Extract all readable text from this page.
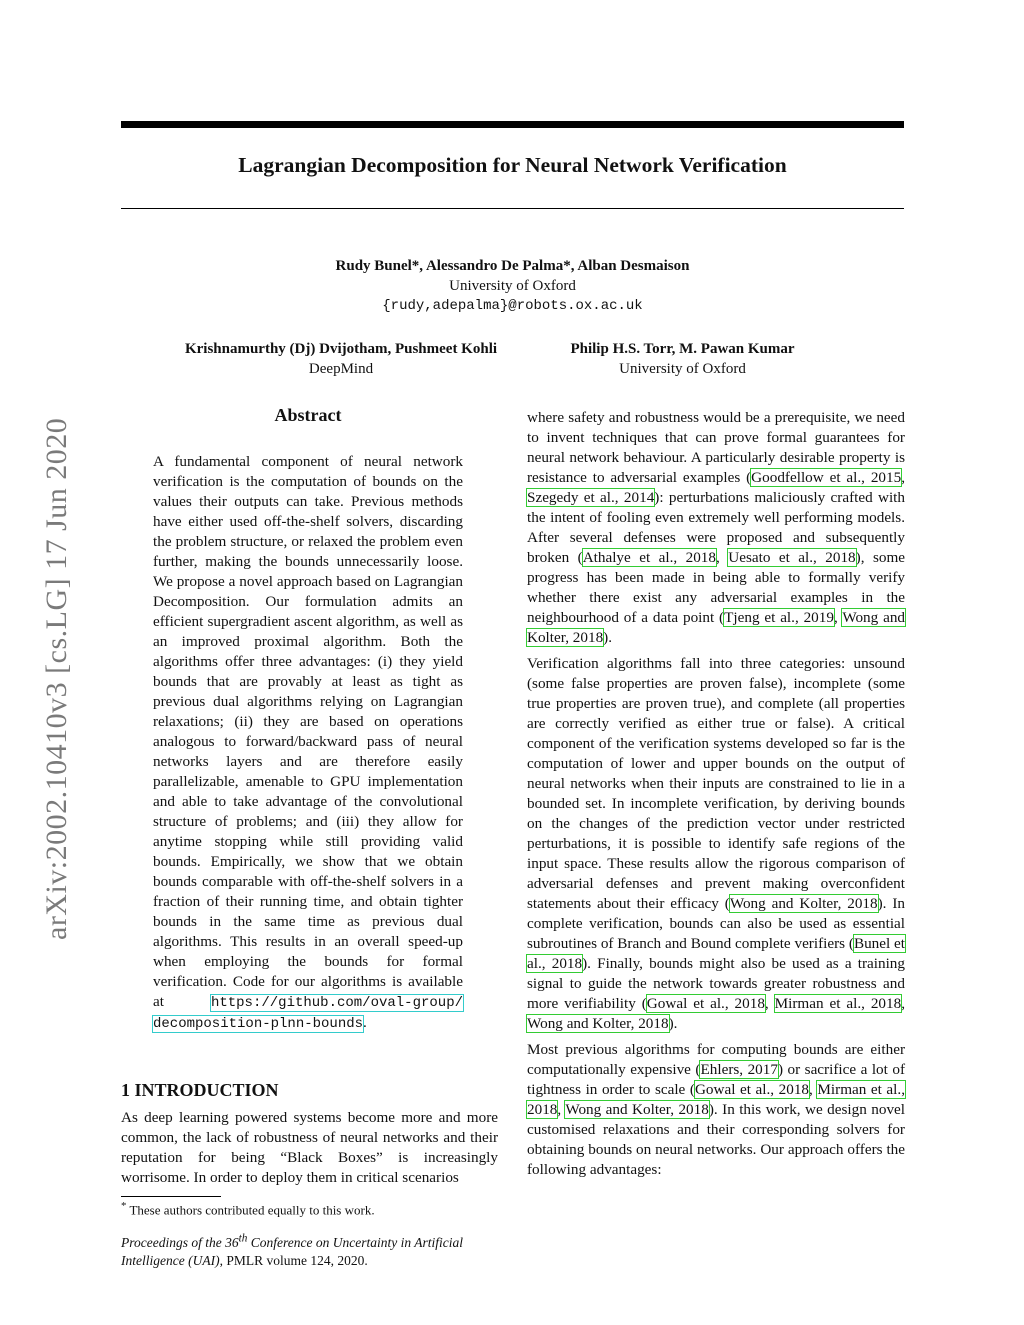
arXiv:2002.10410v3 [cs.LG] 17 Jun 2020
Lagrangian Decomposition for Neural Network Verification
Rudy Bunel*, Alessandro De Palma*, Alban Desmaison
University of Oxford
{rudy,adepalma}@robots.ox.ac.uk
Krishnamurthy (Dj) Dvijotham, Pushmeet Kohli
DeepMind
Philip H.S. Torr, M. Pawan Kumar
University of Oxford
Abstract

A fundamental component of neural network verification is the computation of bounds on the values their outputs can take. Previous methods have either used off-the-shelf solvers, discarding the problem structure, or relaxed the problem even further, making the bounds unnecessarily loose. We propose a novel approach based on Lagrangian Decomposition. Our formulation admits an efficient supergradient ascent algorithm, as well as an improved proximal algorithm. Both the algorithms offer three advantages: (i) they yield bounds that are provably at least as tight as previous dual algorithms relying on Lagrangian relaxations; (ii) they are based on operations analogous to forward/backward pass of neural networks layers and are therefore easily parallelizable, amenable to GPU implementation and able to take advantage of the convolutional structure of problems; and (iii) they allow for anytime stopping while still providing valid bounds. Empirically, we show that we obtain bounds comparable with off-the-shelf solvers in a fraction of their running time, and obtain tighter bounds in the same time as previous dual algorithms. This results in an overall speed-up when employing the bounds for formal verification. Code for our algorithms is available at	https://github.com/oval-group/ decomposition-plnn-bounds.

1 INTRODUCTION

As deep learning powered systems become more and more common, the lack of robustness of neural networks and their reputation for being “Black Boxes” is increasingly worrisome. In order to deploy them in critical scenarios

* These authors contributed equally to this work.
Proceedings of the 36th Conference on Uncertainty in Artificial Intelligence (UAI), PMLR volume 124, 2020.

where safety and robustness would be a prerequisite, we need to invent techniques that can prove formal guarantees for neural network behaviour. A particularly desirable property is resistance to adversarial examples (Goodfellow et al., 2015, Szegedy et al., 2014): perturbations maliciously crafted with the intent of fooling even extremely well performing models. After several defenses were proposed and subsequently broken (Athalye et al., 2018, Uesato et al., 2018), some progress has been made in being able to formally verify whether there exist any adversarial examples in the neighbourhood of a data point (Tjeng et al., 2019, Wong and Kolter, 2018).

Verification algorithms fall into three categories: unsound (some false properties are proven false), incomplete (some true properties are proven true), and complete (all properties are correctly verified as either true or false). A critical component of the verification systems developed so far is the computation of lower and upper bounds on the output of neural networks when their inputs are constrained to lie in a bounded set. In incomplete verification, by deriving bounds on the changes of the prediction vector under restricted perturbations, it is possible to identify safe regions of the input space. These results allow the rigorous comparison of adversarial defenses and prevent making overconfident statements about their efficacy (Wong and Kolter, 2018). In complete verification, bounds can also be used as essential subroutines of Branch and Bound complete verifiers (Bunel et al., 2018). Finally, bounds might also be used as a training signal to guide the network towards greater robustness and more verifiability (Gowal et al., 2018, Mirman et al., 2018, Wong and Kolter, 2018).

Most previous algorithms for computing bounds are either computationally expensive (Ehlers, 2017) or sacrifice a lot of tightness in order to scale (Gowal et al., 2018, Mirman et al., 2018, Wong and Kolter, 2018). In this work, we design novel customised relaxations and their corresponding solvers for obtaining bounds on neural networks. Our approach offers the following advantages:
